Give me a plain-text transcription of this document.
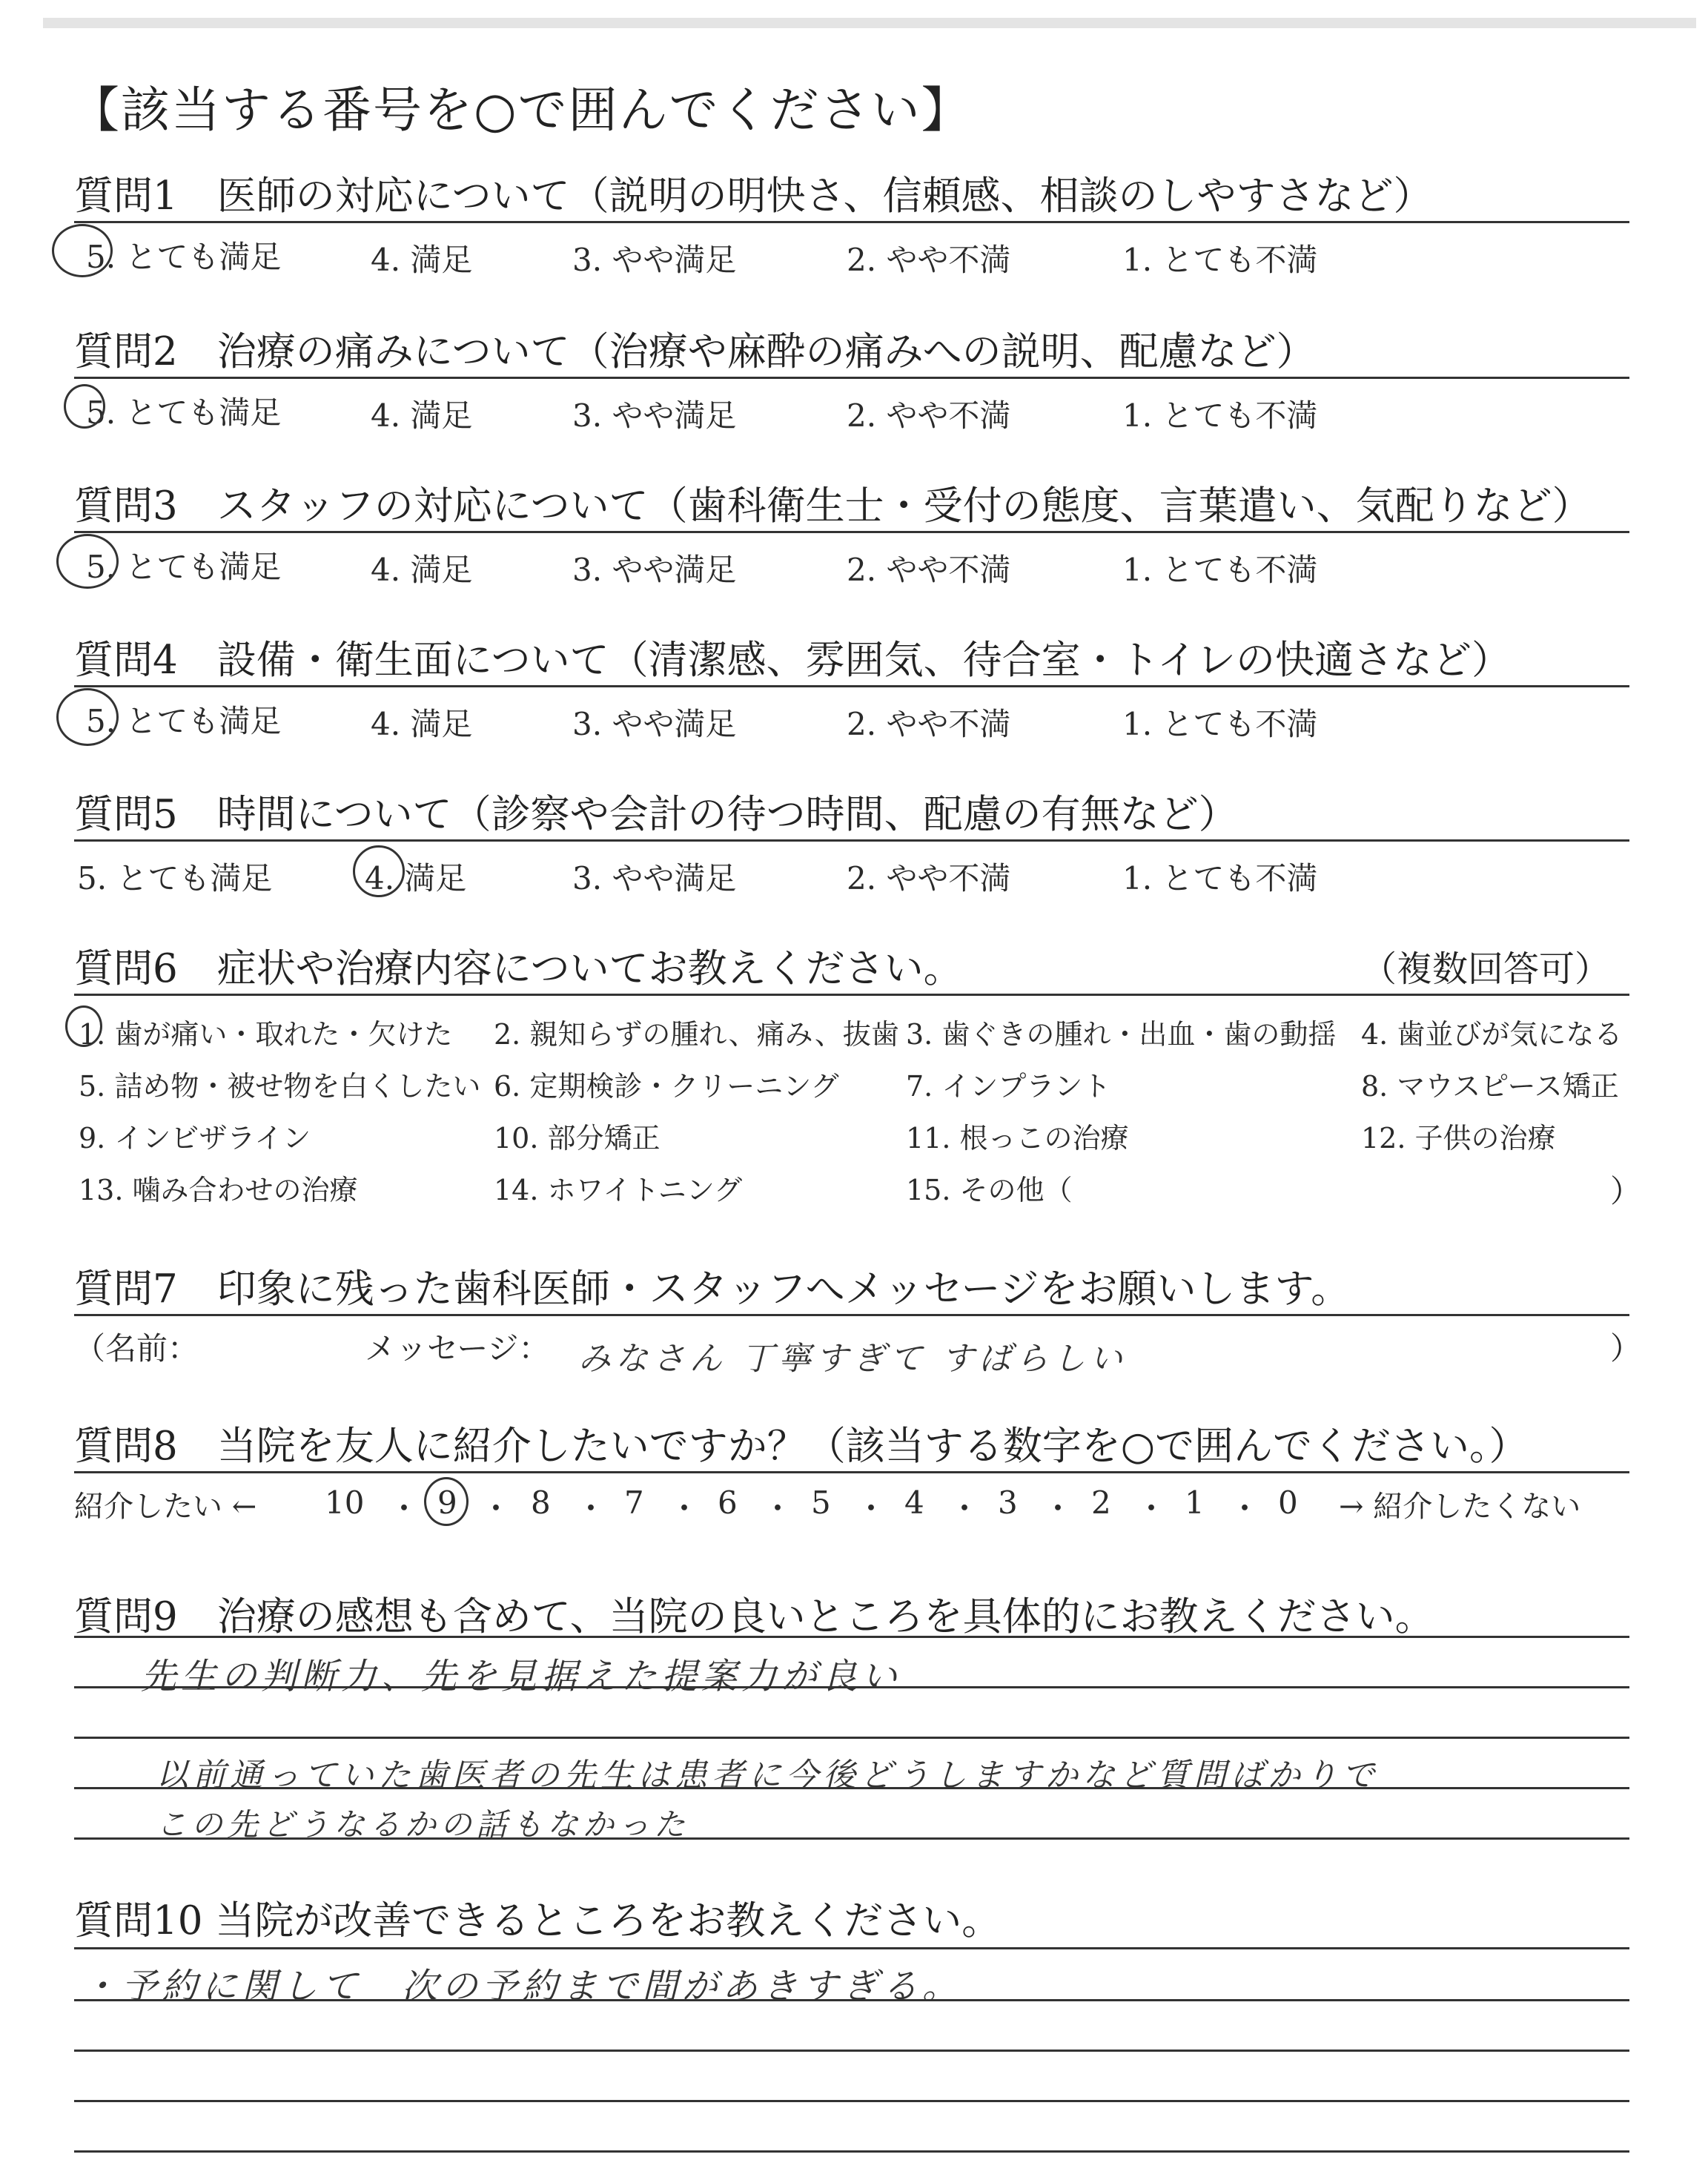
【該当する番号を○で囲んでください】
質問1　医師の対応について（説明の明快さ、信頼感、相談のしやすさなど）
5. とても満足	4. 満足	3. やや満足	2. やや不満	1. とても不満
質問2　治療の痛みについて（治療や麻酔の痛みへの説明、配慮など）
5. とても満足	4. 満足	3. やや満足	2. やや不満	1. とても不満
質問3　スタッフの対応について（歯科衛生士・受付の態度、言葉遣い、気配りなど）
5. とても満足	4. 満足	3. やや満足	2. やや不満	1. とても不満
質問4　設備・衛生面について（清潔感、雰囲気、待合室・トイレの快適さなど）
5. とても満足	4. 満足	3. やや満足	2. やや不満	1. とても不満
質問5　時間について（診察や会計の待つ時間、配慮の有無など）
5. とても満足	4. 満足	3. やや満足	2. やや不満	1. とても不満
質問6　症状や治療内容についてお教えください。	（複数回答可）
1. 歯が痛い・取れた・欠けた 2. 親知らずの腫れ、痛み、抜歯 3. 歯ぐきの腫れ・出血・歯の動揺 4. 歯並びが気になる
5. 詰め物・被せ物を白くしたい 6. 定期検診・クリーニング 7. インプラント	8. マウスピース矯正
9. インビザライン	10. 部分矯正	11. 根っこの治療	12. 子供の治療
13. 噛み合わせの治療	14. ホワイトニング	15. その他（	）
質問7　印象に残った歯科医師・スタッフへメッセージをお願いします。
（名前：	メッセージ： みなさん 丁寧すぎて すばらしい	）
質問8　当院を友人に紹介したいですか？（該当する数字を○で囲んでください。）
紹介したい ←	→ 紹介したくない
10 ・ 9 ・ 8 ・ 7 ・ 6 ・ 5 ・ 4 ・ 3 ・ 2 ・ 1 ・ 0
質問9　治療の感想も含めて、当院の良いところを具体的にお教えください。
先生の判断力、先を見据えた提案力が良い
以前通っていた歯医者の先生は患者に今後どうしますかなど質問ばかりで
この先どうなるかの話もなかった
質問10 当院が改善できるところをお教えください。
・予約に関して　次の予約まで間があきすぎる。
